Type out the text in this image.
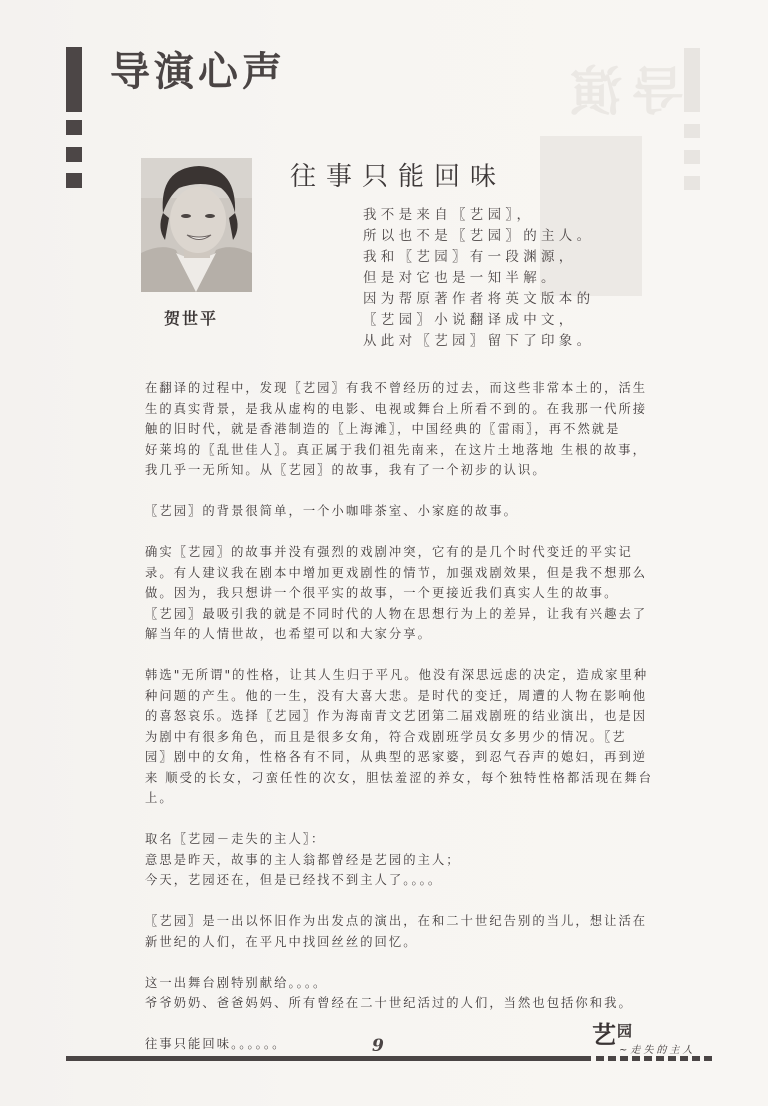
导演
导演心声
贺世平
往事只能回味
我不是来自〖艺园〗，
所以也不是〖艺园〗的主人。
我和〖艺园〗有一段渊源，
但是对它也是一知半解。
因为帮原著作者将英文版本的
〖艺园〗小说翻译成中文，
从此对〖艺园〗留下了印象。

在翻译的过程中，发现〖艺园〗有我不曾经历的过去，而这些非常本土的，活生
生的真实背景，是我从虚构的电影、电视或舞台上所看不到的。在我那一代所接
触的旧时代，就是香港制造的〖上海滩〗，中国经典的〖雷雨〗，再不然就是
好莱坞的〖乱世佳人〗。真正属于我们祖先南来，在这片土地落地 生根的故事，
我几乎一无所知。从〖艺园〗的故事，我有了一个初步的认识。

〖艺园〗的背景很简单，一个小咖啡茶室、小家庭的故事。

确实〖艺园〗的故事并没有强烈的戏剧冲突，它有的是几个时代变迁的平实记
录。有人建议我在剧本中增加更戏剧性的情节，加强戏剧效果，但是我不想那么
做。因为，我只想讲一个很平实的故事，一个更接近我们真实人生的故事。
〖艺园〗最吸引我的就是不同时代的人物在思想行为上的差异，让我有兴趣去了
解当年的人情世故，也希望可以和大家分享。

韩选"无所谓"的性格，让其人生归于平凡。他没有深思远虑的决定，造成家里种
种问题的产生。他的一生，没有大喜大悲。是时代的变迁，周遭的人物在影响他
的喜怒哀乐。选择〖艺园〗作为海南青文艺团第二届戏剧班的结业演出，也是因
为剧中有很多角色，而且是很多女角，符合戏剧班学员女多男少的情况。〖艺
园〗剧中的女角，性格各有不同，从典型的恶家婆，到忍气吞声的媳妇，再到逆
来 顺受的长女，刁蛮任性的次女，胆怯羞涩的养女，每个独特性格都活现在舞台
上。

取名〖艺园－走失的主人〗：
意思是昨天，故事的主人翁都曾经是艺园的主人；
今天，艺园还在，但是已经找不到主人了。。。。

〖艺园〗是一出以怀旧作为出发点的演出，在和二十世纪告别的当儿，想让活在
新世纪的人们，在平凡中找回丝丝的回忆。

这一出舞台剧特别献给。。。。
爷爷奶奶、爸爸妈妈、所有曾经在二十世纪活过的人们，当然也包括你和我。

往事只能回味。。。。。。	9	艺 园
~走失的主人
